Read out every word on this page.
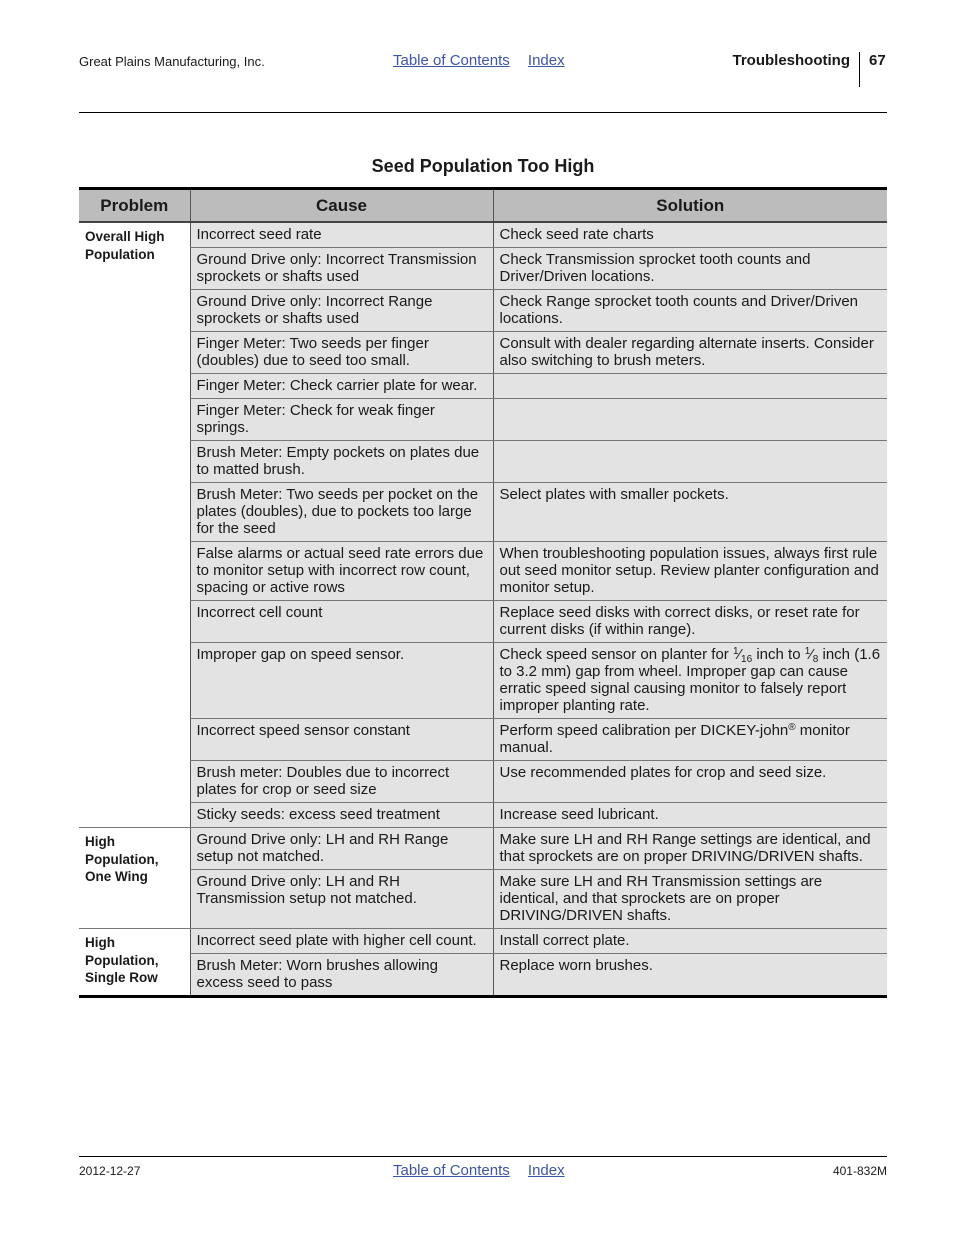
Great Plains Manufacturing, Inc.	Table of Contents Index	Troubleshooting 67
Seed Population Too High
Problem	Cause	Solution
Overall High Population	Incorrect seed rate	Check seed rate charts
	Ground Drive only: Incorrect Transmission sprockets or shafts used	Check Transmission sprocket tooth counts and Driver/Driven locations.
	Ground Drive only: Incorrect Range sprockets or shafts used	Check Range sprocket tooth counts and Driver/Driven locations.
	Finger Meter: Two seeds per finger (doubles) due to seed too small.	Consult with dealer regarding alternate inserts. Consider also switching to brush meters.
	Finger Meter: Check carrier plate for wear.	
	Finger Meter: Check for weak finger springs.	
	Brush Meter: Empty pockets on plates due to matted brush.	
	Brush Meter: Two seeds per pocket on the plates (doubles), due to pockets too large for the seed	Select plates with smaller pockets.
	False alarms or actual seed rate errors due to monitor setup with incorrect row count, spacing or active rows	When troubleshooting population issues, always first rule out seed monitor setup. Review planter configuration and monitor setup.
	Incorrect cell count	Replace seed disks with correct disks, or reset rate for current disks (if within range).
	Improper gap on speed sensor.	Check speed sensor on planter for $^1⁄_{16}$ inch to $^1⁄_8$ inch (1.6 to 3.2 mm) gap from wheel. Improper gap can cause erratic speed signal causing monitor to falsely report improper planting rate.
	Incorrect speed sensor constant	Perform speed calibration per DICKEY-john® monitor manual.
	Brush meter: Doubles due to incorrect plates for crop or seed size	Use recommended plates for crop and seed size.
	Sticky seeds: excess seed treatment	Increase seed lubricant.
High Population, One Wing	Ground Drive only: LH and RH Range setup not matched.	Make sure LH and RH Range settings are identical, and that sprockets are on proper DRIVING/DRIVEN shafts.
	Ground Drive only: LH and RH Transmission setup not matched.	Make sure LH and RH Transmission settings are identical, and that sprockets are on proper DRIVING/DRIVEN shafts.
High Population, Single Row	Incorrect seed plate with higher cell count.	Install correct plate.
	Brush Meter: Worn brushes allowing excess seed to pass	Replace worn brushes.
2012-12-27	Table of Contents Index	401-832M
